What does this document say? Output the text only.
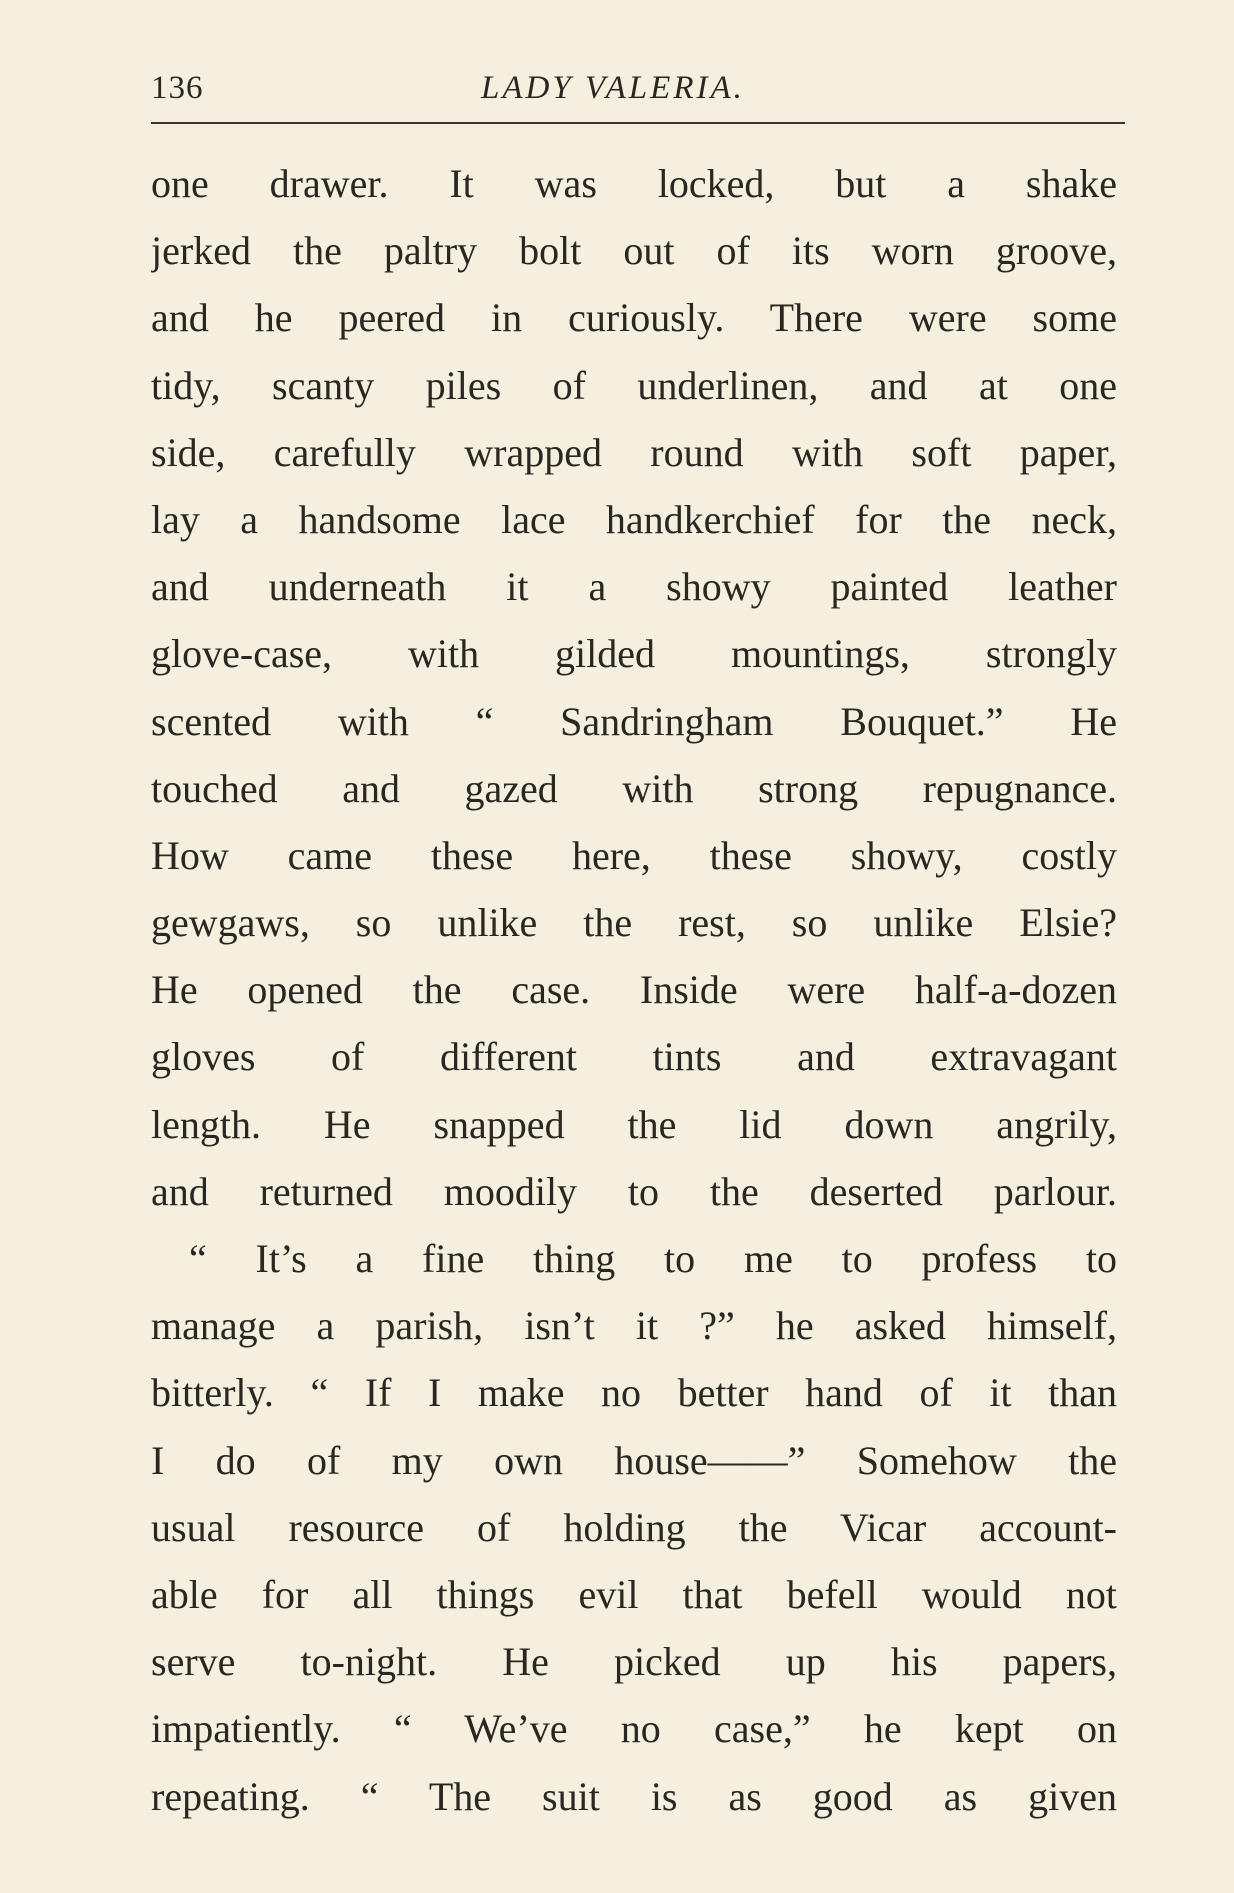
136	LADY VALERIA.
one drawer. It was locked, but a shake
jerked the paltry bolt out of its worn groove,
and he peered in curiously. There were some
tidy, scanty piles of underlinen, and at one
side, carefully wrapped round with soft paper,
lay a handsome lace handkerchief for the neck,
and underneath it a showy painted leather
glove-case, with gilded mountings, strongly
scented with “ Sandringham Bouquet.” He
touched and gazed with strong repugnance.
How came these here, these showy, costly
gewgaws, so unlike the rest, so unlike Elsie?
He opened the case. Inside were half-a-dozen
gloves of different tints and extravagant
length. He snapped the lid down angrily,
and returned moodily to the deserted parlour.
“ It’s a fine thing to me to profess to
manage a parish, isn’t it ?” he asked himself,
bitterly. “ If I make no better hand of it than
I do of my own house——” Somehow the
usual resource of holding the Vicar account-
able for all things evil that befell would not
serve to-night. He picked up his papers,
impatiently. “ We’ve no case,” he kept on
repeating. “ The suit is as good as given
